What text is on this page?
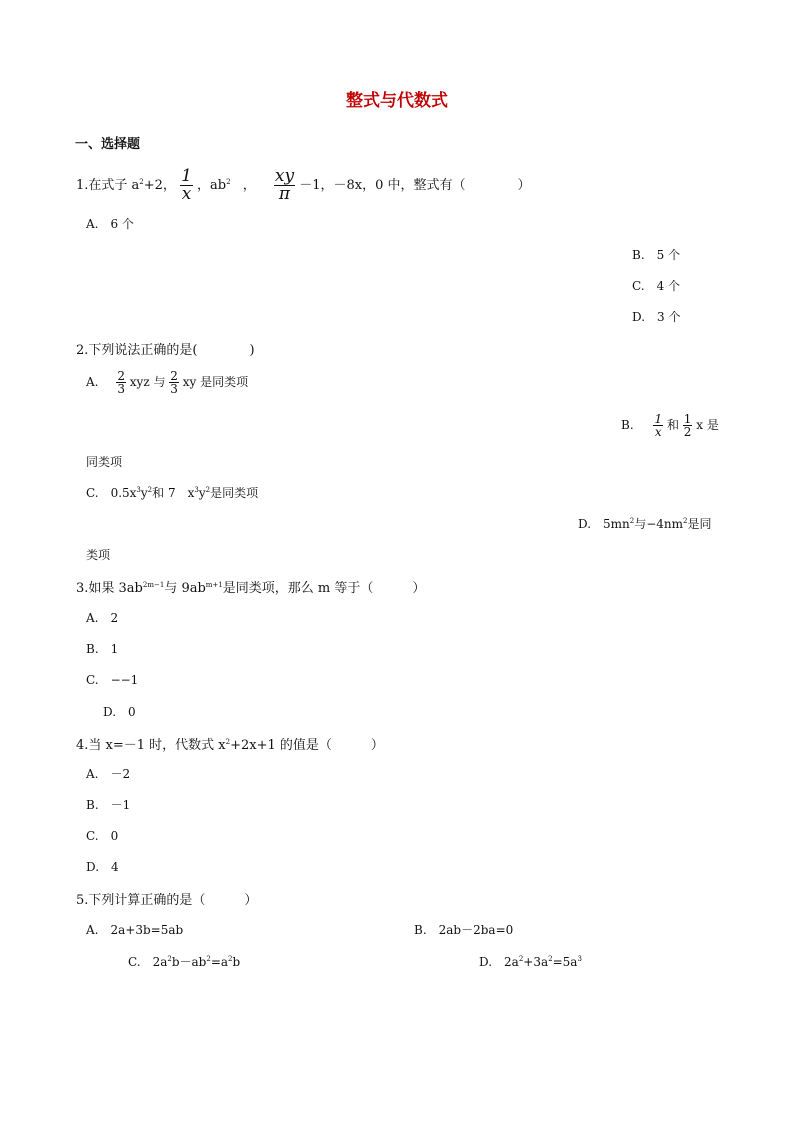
整式与代数式
一、选择题
1.在式子 $a^2+2$， $\frac{1}{x}$ ，$ab^2$ ， $\frac{xy}{\pi} -1$，－8x，0 中，整式有（　　　　）
A.　6 个
B.　5 个
C.　4 个
D.　3 个
2.下列说法正确的是(　　　　)
A. $\frac{2}{3}$ xyz 与 $\frac{2}{3}$ xy 是同类项
B. $\frac{1}{x}$ 和 $\frac{1}{2}$ x 是
同类项
C.　$0.5x^3y^2$和 7　$x^3y^2$是同类项
D.　$5mn^2$与$-4nm^2$是同
类项
3.如果 $3ab^{2m-1}$与 $9ab^{m+1}$是同类项，那么 m 等于（　　　）
A.　2
B.　1
C.　−−1
D.　0
4.当 x=－1 时，代数式 $x^2+2x+1$ 的值是（　　　）
A.　－2
B.　－1
C.　0
D.　4
5.下列计算正确的是（　　　）
A.　2a+3b=5ab	B.　2ab－2ba=0
C.　$2a^2b-ab^2=a^2b$	D.　$2a^2+3a^2=5a^3$
